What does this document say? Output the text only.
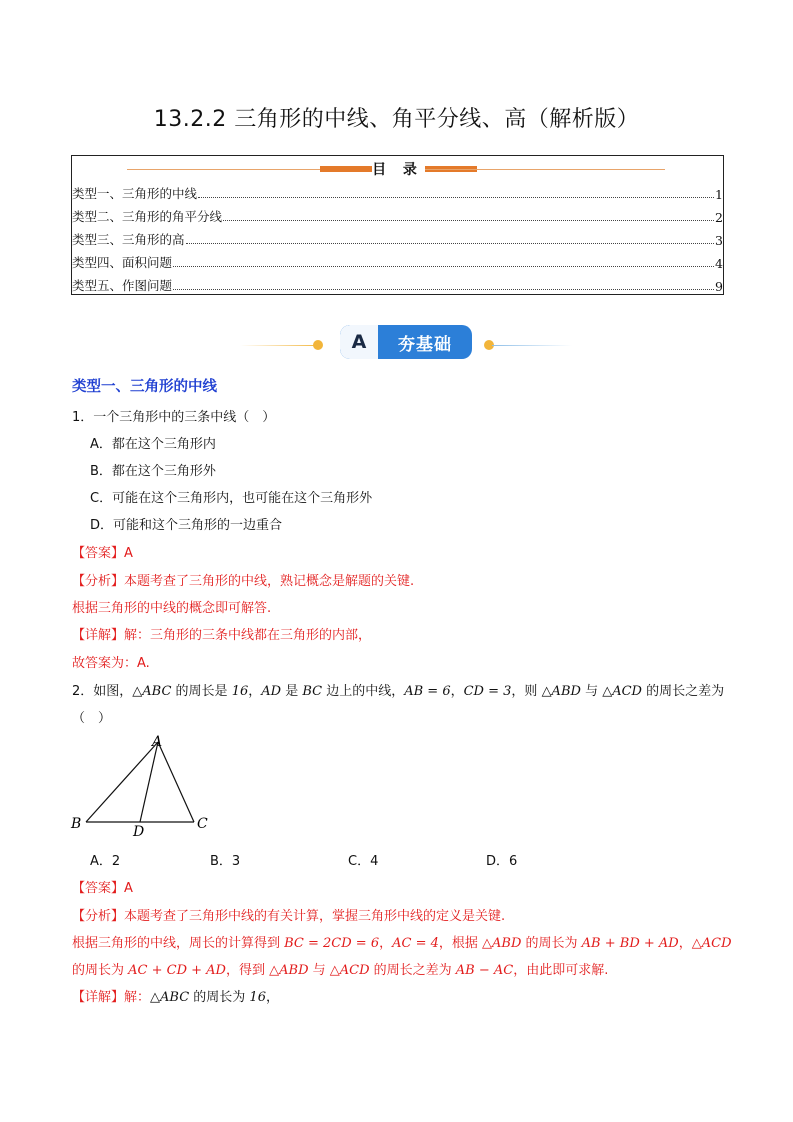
13.2.2 三角形的中线、角平分线、高（解析版）
目 录
类型一、三角形的中线	1
类型二、三角形的角平分线	2
类型三、三角形的高	3
类型四、面积问题	4
类型五、作图问题	9
A	夯基础
类型一、三角形的中线
1．一个三角形中的三条中线（　）
A．都在这个三角形内
B．都在这个三角形外
C．可能在这个三角形内，也可能在这个三角形外
D．可能和这个三角形的一边重合
【答案】A
【分析】本题考查了三角形的中线，熟记概念是解题的关键.
根据三角形的中线的概念即可解答.
【详解】解：三角形的三条中线都在三角形的内部，
故答案为：A.
2．如图，△ABC 的周长是 16，AD 是 BC 边上的中线，AB = 6，CD = 3，则 △ABD 与 △ACD 的周长之差为
（　）
A
B	C
D
A．2	B．3	C．4	D．6
【答案】A
【分析】本题考查了三角形中线的有关计算，掌握三角形中线的定义是关键.
根据三角形的中线，周长的计算得到 BC = 2CD = 6，AC = 4，根据 △ABD 的周长为 AB + BD + AD，△ACD
的周长为 AC + CD + AD，得到 △ABD 与 △ACD 的周长之差为 AB − AC，由此即可求解.
【详解】解：△ABC 的周长为 16，
